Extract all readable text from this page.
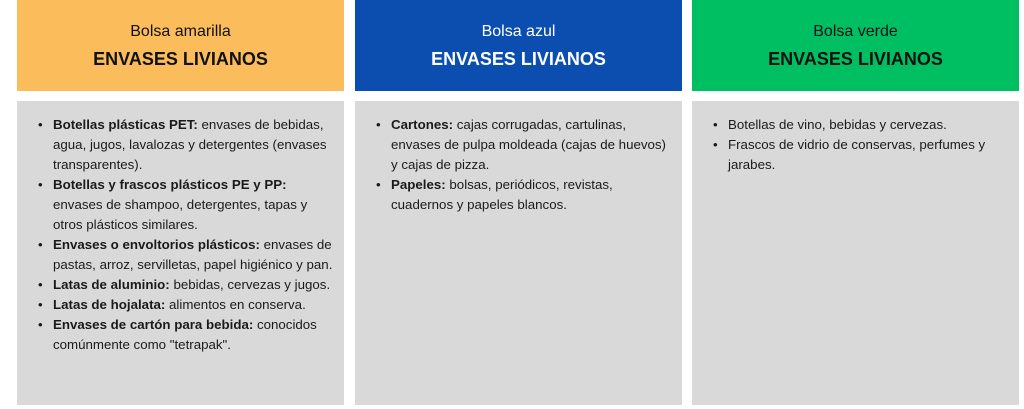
Bolsa amarilla
ENVASES LIVIANOS
• Botellas plásticas PET: envases de bebidas, agua, jugos, lavalozas y detergentes (envases transparentes).
• Botellas y frascos plásticos PE y PP: envases de shampoo, detergentes, tapas y otros plásticos similares.
• Envases o envoltorios plásticos: envases de pastas, arroz, servilletas, papel higiénico y pan.
• Latas de aluminio: bebidas, cervezas y jugos.
• Latas de hojalata: alimentos en conserva.
• Envases de cartón para bebida: conocidos comúnmente como "tetrapak".
Bolsa azul
ENVASES LIVIANOS
• Cartones: cajas corrugadas, cartulinas, envases de pulpa moldeada (cajas de huevos) y cajas de pizza.
• Papeles: bolsas, periódicos, revistas, cuadernos y papeles blancos.
Bolsa verde
ENVASES LIVIANOS
• Botellas de vino, bebidas y cervezas.
• Frascos de vidrio de conservas, perfumes y jarabes.
